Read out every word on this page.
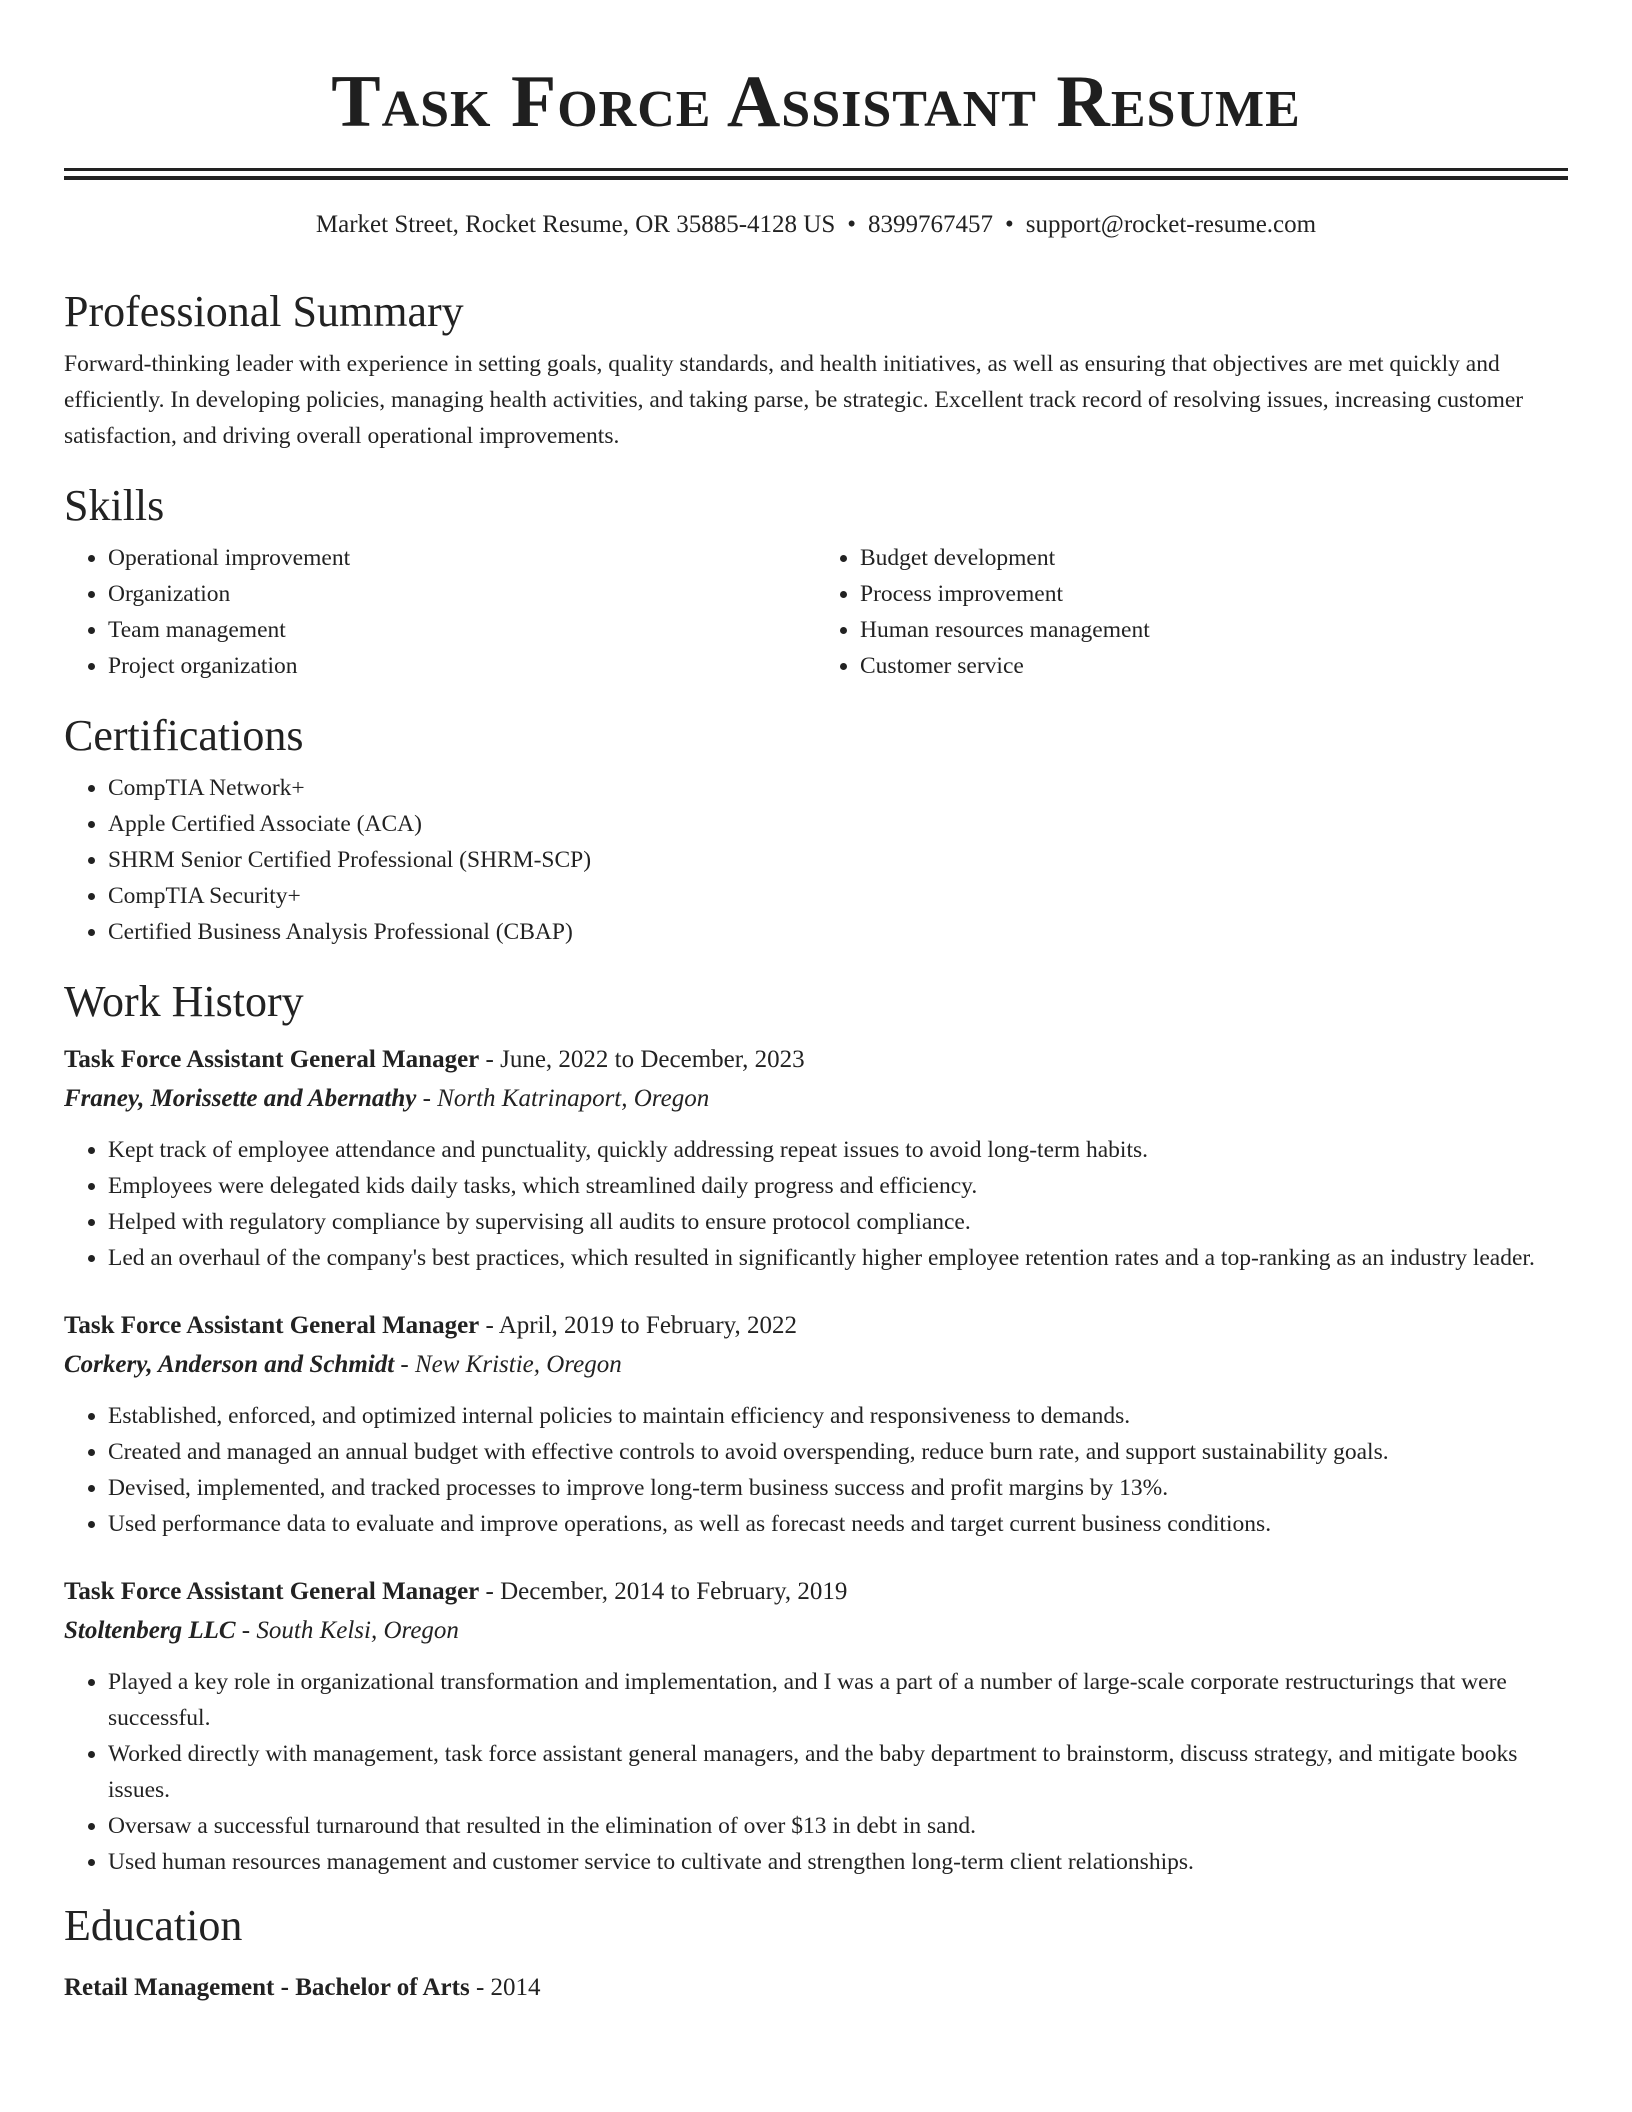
Task Force Assistant Resume
Market Street, Rocket Resume, OR 35885-4128 US • 8399767457 • support@rocket-resume.com
Professional Summary

Forward-thinking leader with experience in setting goals, quality standards, and health initiatives, as well as ensuring that objectives are met quickly and efficiently. In developing policies, managing health activities, and taking parse, be strategic. Excellent track record of resolving issues, increasing customer satisfaction, and driving overall operational improvements.

Skills
• Operational improvement
• Organization
• Team management
• Project organization
• Budget development
• Process improvement
• Human resources management
• Customer service
Certifications
• CompTIA Network+
• Apple Certified Associate (ACA)
• SHRM Senior Certified Professional (SHRM-SCP)
• CompTIA Security+
• Certified Business Analysis Professional (CBAP)
Work History

Task Force Assistant General Manager - June, 2022 to December, 2023

Franey, Morissette and Abernathy - North Katrinaport, Oregon

• Kept track of employee attendance and punctuality, quickly addressing repeat issues to avoid long-term habits.
• Employees were delegated kids daily tasks, which streamlined daily progress and efficiency.
• Helped with regulatory compliance by supervising all audits to ensure protocol compliance.
• Led an overhaul of the company's best practices, which resulted in significantly higher employee retention rates and a top-ranking as an industry leader.

Task Force Assistant General Manager - April, 2019 to February, 2022

Corkery, Anderson and Schmidt - New Kristie, Oregon

• Established, enforced, and optimized internal policies to maintain efficiency and responsiveness to demands.
• Created and managed an annual budget with effective controls to avoid overspending, reduce burn rate, and support sustainability goals.
• Devised, implemented, and tracked processes to improve long-term business success and profit margins by 13%.
• Used performance data to evaluate and improve operations, as well as forecast needs and target current business conditions.

Task Force Assistant General Manager - December, 2014 to February, 2019

Stoltenberg LLC - South Kelsi, Oregon

• Played a key role in organizational transformation and implementation, and I was a part of a number of large-scale corporate restructurings that were successful.
• Worked directly with management, task force assistant general managers, and the baby department to brainstorm, discuss strategy, and mitigate books issues.
• Oversaw a successful turnaround that resulted in the elimination of over $13 in debt in sand.
• Used human resources management and customer service to cultivate and strengthen long-term client relationships.
Education

Retail Management - Bachelor of Arts - 2014
